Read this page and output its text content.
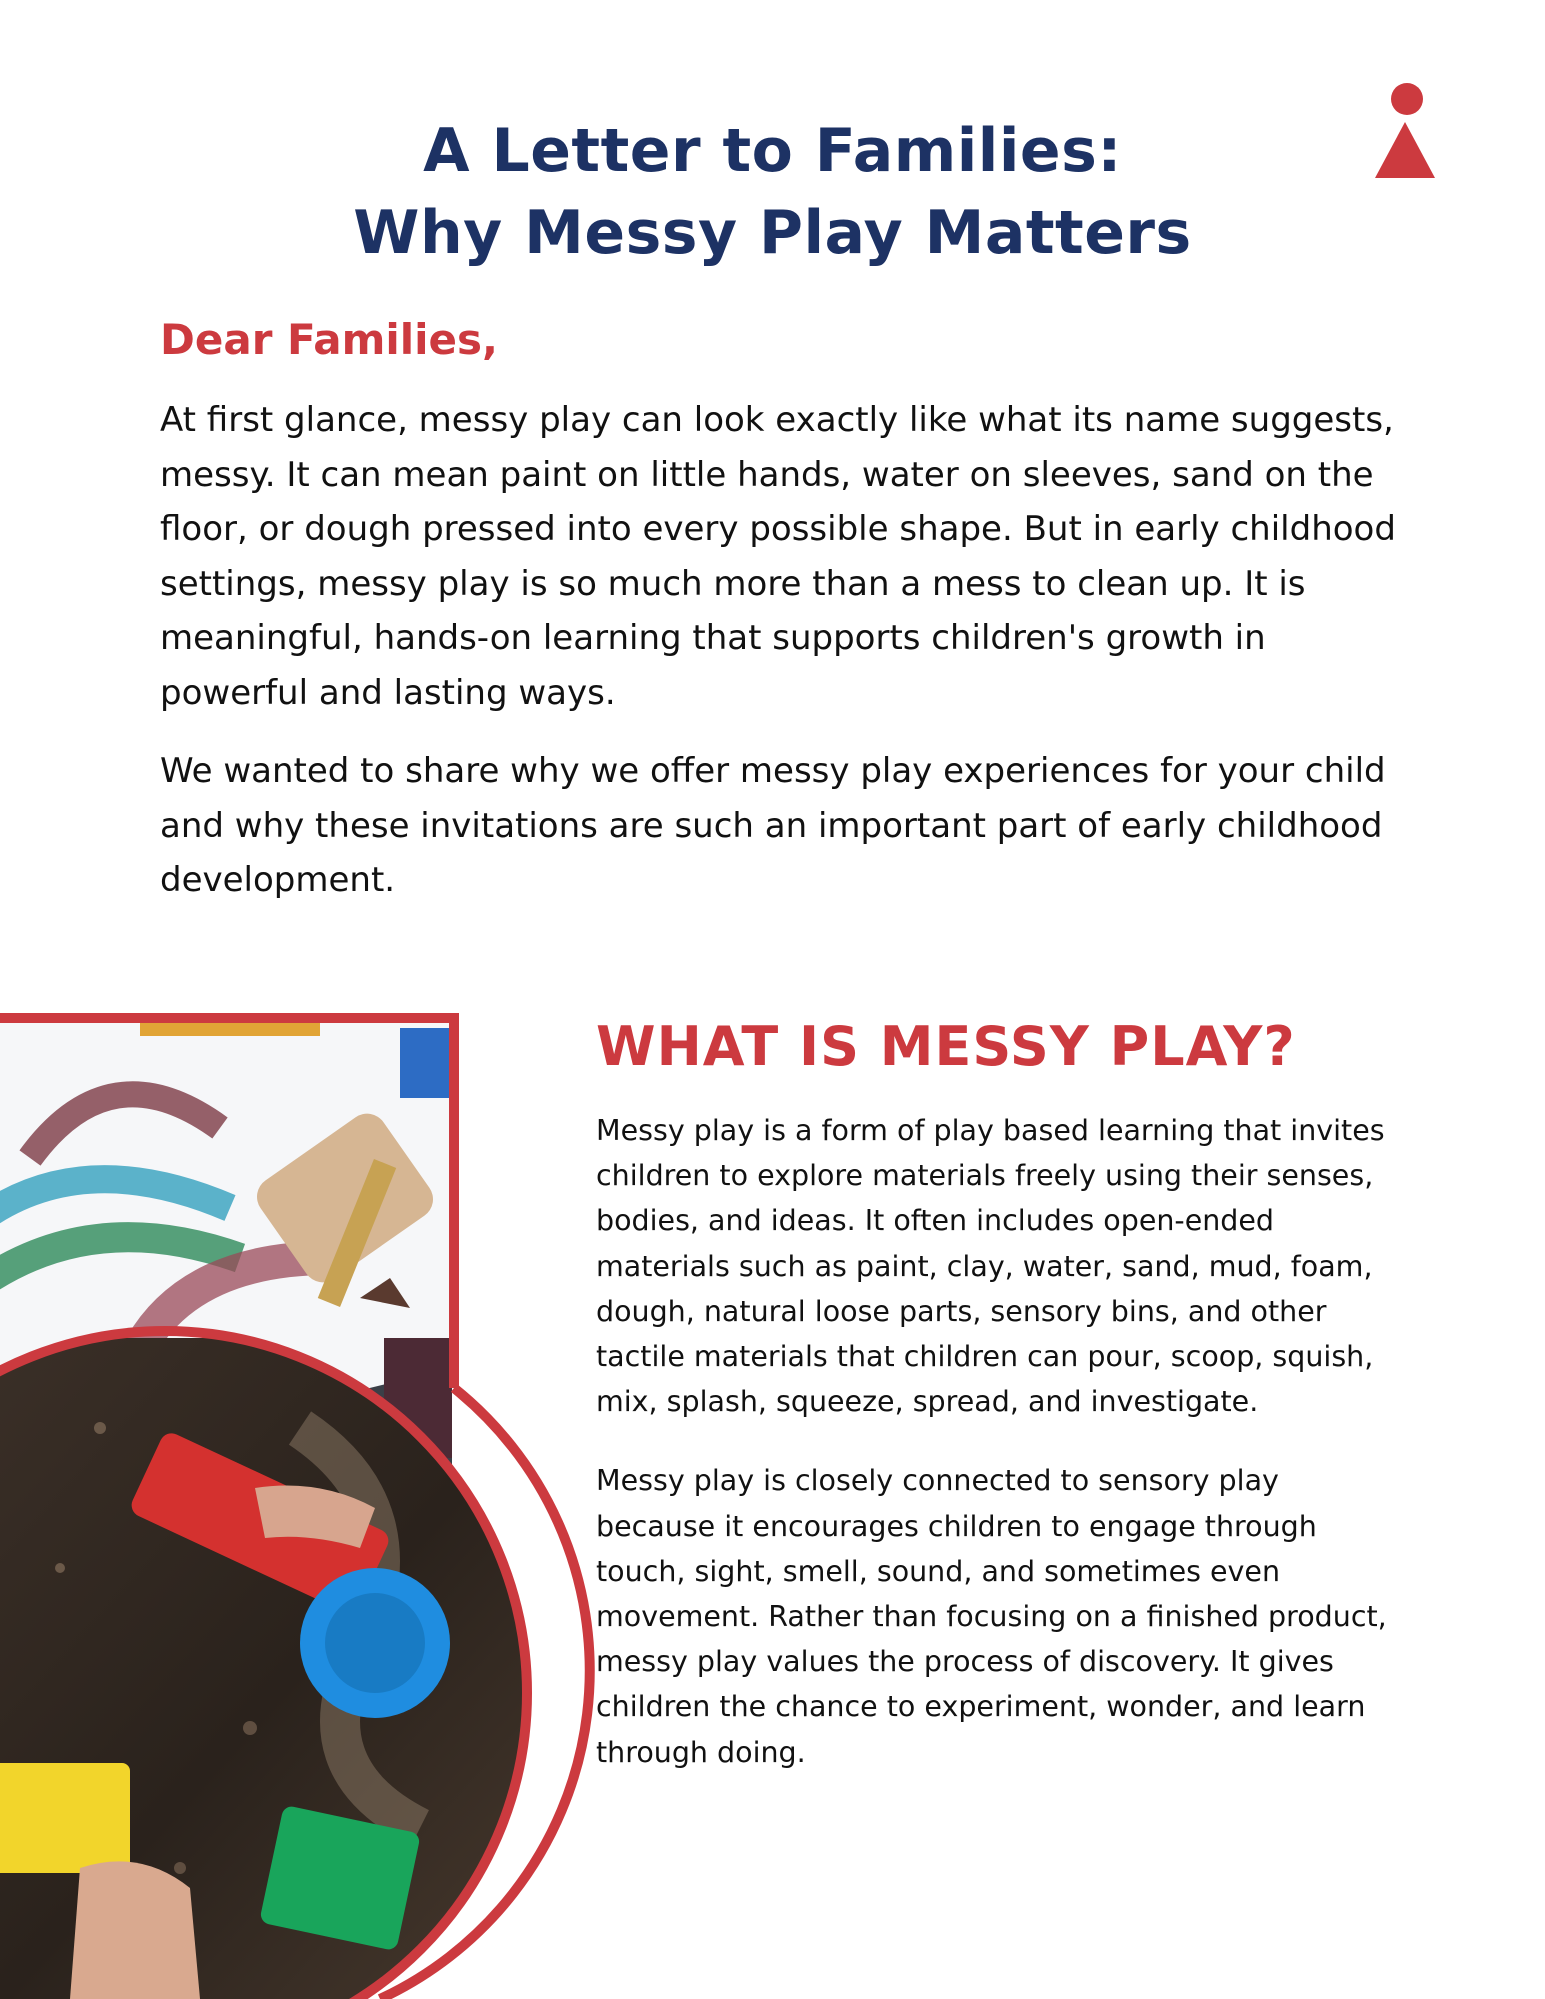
A Letter to Families:
Why Messy Play Matters
Dear Families,

At first glance, messy play can look exactly like what its name suggests, messy. It can mean paint on little hands, water on sleeves, sand on the floor, or dough pressed into every possible shape. But in early childhood settings, messy play is so much more than a mess to clean up. It is meaningful, hands-on learning that supports children's growth in powerful and lasting ways.

We wanted to share why we offer messy play experiences for your child and why these invitations are such an important part of early childhood development.

WHAT IS MESSY PLAY?

Messy play is a form of play based learning that invites children to explore materials freely using their senses, bodies, and ideas. It often includes open-ended materials such as paint, clay, water, sand, mud, foam, dough, natural loose parts, sensory bins, and other tactile materials that children can pour, scoop, squish, mix, splash, squeeze, spread, and investigate.

Messy play is closely connected to sensory play because it encourages children to engage through touch, sight, smell, sound, and sometimes even movement. Rather than focusing on a finished product, messy play values the process of discovery. It gives children the chance to experiment, wonder, and learn through doing.
